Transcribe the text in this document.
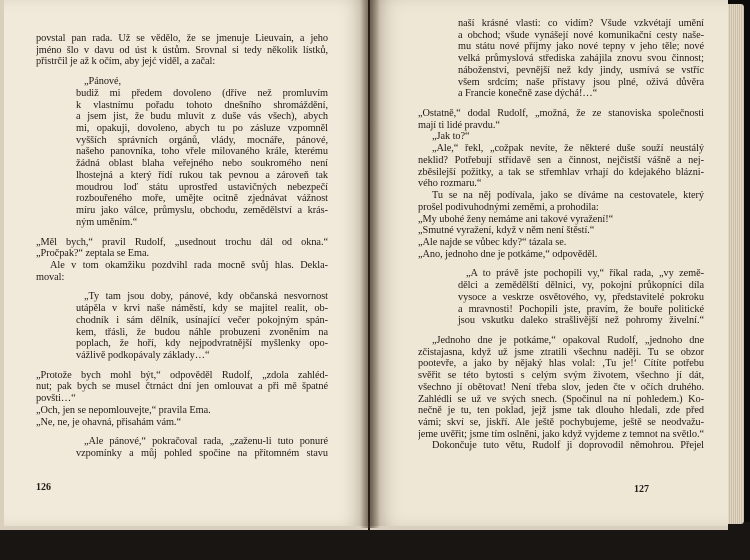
povstal pan rada. Už se vědělo, že se jmenuje Lieuvain, a jeho
jméno šlo v davu od úst k ústům. Srovnal si tedy několik lístků,
přistrčil je až k očím, aby jejć viděl, a začal:
„Pánové,
budiž mi předem dovoleno (dříve než promluvím
k vlastnímu pořadu tohoto dnešního shromáždění,
a jsem jist, že budu mluvit z duše vás všech), abych
mi, opakuji, dovoleno, abych tu po zásluze vzpomněl
vyšších správních orgánů, vlády, mocnáře, pánové,
našeho panovníka, toho vřele milovaného krále, kterému
žádná oblast blaha veřejného nebo soukromého není
lhostejná a který řídí rukou tak pevnou a zároveň tak
moudrou loď státu uprostřed ustavičných nebezpečí
rozbouřeného moře, umějte ocitně zjednávat vážnost
míru jako válce, průmyslu, obchodu, zemědělství a krás-
ným uměním.“
„Měl bych,“ pravil Rudolf, „usednout trochu dál od okna.“
„Pročpak?“ zeptala se Ema.
Ale v tom okamžiku pozdvihl rada mocně svůj hlas. Dekla-
moval:
„Ty tam jsou doby, pánové, kdy občanská nesvornost
utápěla v krvi naše náměstí, kdy se majitel realit, ob-
chodník i sám dělník, usínající večer pokojným spán-
kem, třásli, že budou náhle probuzeni zvoněním na
poplach, že hoří, kdy nejpodvratnější myšlenky opo-
vážlivě podkopávaly základy…“
„Protože bych mohl být,“ odpověděl Rudolf, „zdola zahléd-
nut; pak bych se musel čtrnáct dní jen omlouvat a při mě špatné
povšti…“
„Och, jen se nepomlouvejte,“ pravila Ema.
„Ne, ne, je ohavná, přisahám vám.“
„Ale pánové,“ pokračoval rada, „zaženu-li tuto ponuré
vzpomínky a můj pohled spočine na přítomném stavu
126
naší krásné vlasti: co vidím? Všude vzkvétají umění
a obchod; všude vynášejí nové komunikační cesty naše-
mu státu nové příjmy jako nové tepny v jeho těle; nové
velká průmyslová střediska zahájila znovu svou činnost;
náboženství, pevnější než kdy jindy, usmívá se vstříc
všem srdcím; naše přístavy jsou plné, oživá důvěra
a Francie konečně zase dýchá!…“
„Ostatně,“ dodal Rudolf, „možná, že ze stanoviska společnosti
mají ti lidé pravdu.“
„Jak to?“
„Ale,“ řekl, „cožpak nevíte, že některé duše souží neustálý
neklid? Potřebují střídavě sen a činnost, nejčistší vášně a nej-
zběsilejší požitky, a tak se střemhlav vrhají do kdejakého blázni-
vého rozmaru.“
Tu se na něj podívala, jako se díváme na cestovatele, který
prošel podivuhodnými zeměmi, a prohodila:
„My ubohé ženy nemáme ani takové vyražení!“
„Smutné vyražení, když v něm není štěstí.“
„Ale najde se vůbec kdy?“ tázala se.
„Ano, jednoho dne je potkáme,“ odpověděl.
„A to právě jste pochopili vy,“ říkal rada, „vy země-
dělci a zemědělští dělníci, vy, pokojní průkopníci díla
vysoce a veskrze osvětového, vy, představitelé pokroku
a mravnosti! Pochopili jste, pravím, že bouře politické
jsou vskutku daleko strašlivější než pohromy živelní.“
„Jednoho dne je potkáme,“ opakoval Rudolf, „jednoho dne
zčistajasna, když už jsme ztratili všechnu naději. Tu se obzor
pootevře, a jako by nějaký hlas volal: ‚Tu je!‘ Cítíte potřebu
svěřit se této bytosti s celým svým životem, všechno jí dát,
všechno jí obětovat! Není třeba slov, jeden čte v očích druhého.
Zahlédli se už ve svých snech. (Spočinul na ní pohledem.) Ko-
nečně je tu, ten poklad, jejž jsme tak dlouho hledali, zde před
vámi; skví se, jiskří. Ale ještě pochybujeme, ještě se neodvažu-
jeme uvěřit; jsme tím oslněni, jako když vyjdeme z temnot na světlo.“
Dokončuje tuto větu, Rudolf ji doprovodil němohrou. Přejel
127
